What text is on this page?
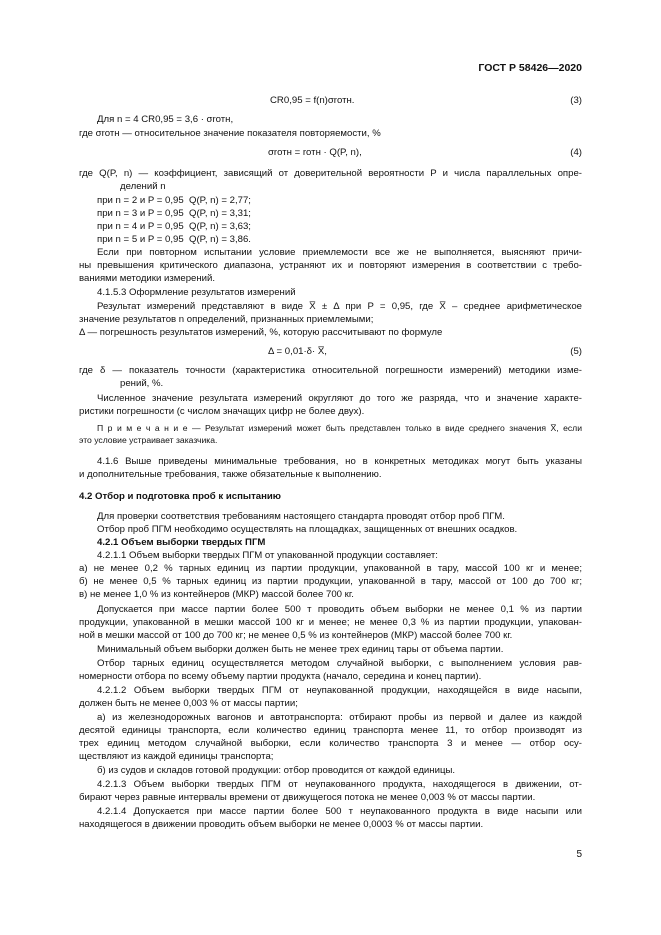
ГОСТ Р 58426—2020
CR0,95 = f(n)σrотн.	(3)
Для n = 4 CR0,95 = 3,6 · σrотн,
где σrотн — относительное значение показателя повторяемости, %
σrотн = rотн · Q(P, n),	(4)
где Q(P, n) — коэффициент, зависящий от доверительной вероятности P и числа параллельных опре-
делений n
при n = 2 и P = 0,95 Q(P, n) = 2,77;
при n = 3 и P = 0,95 Q(P, n) = 3,31;
при n = 4 и P = 0,95 Q(P, n) = 3,63;
при n = 5 и P = 0,95 Q(P, n) = 3,86.
Если при повторном испытании условие приемлемости все же не выполняется, выясняют причи-
ны превышения критического диапазона, устраняют их и повторяют измерения в соответствии с требо-
ваниями методики измерений.
4.1.5.3 Оформление результатов измерений
Результат измерений представляют в виде X̅ ± Δ при P = 0,95, где X̅ – среднее арифметическое
значение результатов n определений, признанных приемлемыми;
Δ — погрешность результатов измерений, %, которую рассчитывают по формуле
Δ = 0,01·δ· X̅,	(5)
где δ — показатель точности (характеристика относительной погрешности измерений) методики изме-
рений, %.
Численное значение результата измерений округляют до того же разряда, что и значение характе-
ристики погрешности (с числом значащих цифр не более двух).
П р и м е ч а н и е — Результат измерений может быть представлен только в виде среднего значения X̅, если
это условие устраивает заказчика.
4.1.6 Выше приведены минимальные требования, но в конкретных методиках могут быть указаны
и дополнительные требования, также обязательные к выполнению.
4.2 Отбор и подготовка проб к испытанию
Для проверки соответствия требованиям настоящего стандарта проводят отбор проб ПГМ.
Отбор проб ПГМ необходимо осуществлять на площадках, защищенных от внешних осадков.
4.2.1 Объем выборки твердых ПГМ
4.2.1.1 Объем выборки твердых ПГМ от упакованной продукции составляет:
а) не менее 0,2 % тарных единиц из партии продукции, упакованной в тару, массой 100 кг и менее;
б) не менее 0,5 % тарных единиц из партии продукции, упакованной в тару, массой от 100 до 700 кг;
в) не менее 1,0 % из контейнеров (МКР) массой более 700 кг.
Допускается при массе партии более 500 т проводить объем выборки не менее 0,1 % из партии
продукции, упакованной в мешки массой 100 кг и менее; не менее 0,3 % из партии продукции, упакован-
ной в мешки массой от 100 до 700 кг; не менее 0,5 % из контейнеров (МКР) массой более 700 кг.
Минимальный объем выборки должен быть не менее трех единиц тары от объема партии.
Отбор тарных единиц осуществляется методом случайной выборки, с выполнением условия рав-
номерности отбора по всему объему партии продукта (начало, середина и конец партии).
4.2.1.2 Объем выборки твердых ПГМ от неупакованной продукции, находящейся в виде насыпи,
должен быть не менее 0,003 % от массы партии;
а) из железнодорожных вагонов и автотранспорта: отбирают пробы из первой и далее из каждой
десятой единицы транспорта, если количество единиц транспорта менее 11, то отбор производят из
трех единиц методом случайной выборки, если количество транспорта 3 и менее — отбор осу-
ществляют из каждой единицы транспорта;
б) из судов и складов готовой продукции: отбор проводится от каждой единицы.
4.2.1.3 Объем выборки твердых ПГМ от неупакованного продукта, находящегося в движении, от-
бирают через равные интервалы времени от движущегося потока не менее 0,003 % от массы партии.
4.2.1.4 Допускается при массе партии более 500 т неупакованного продукта в виде насыпи или
находящегося в движении проводить объем выборки не менее 0,0003 % от массы партии.
5
